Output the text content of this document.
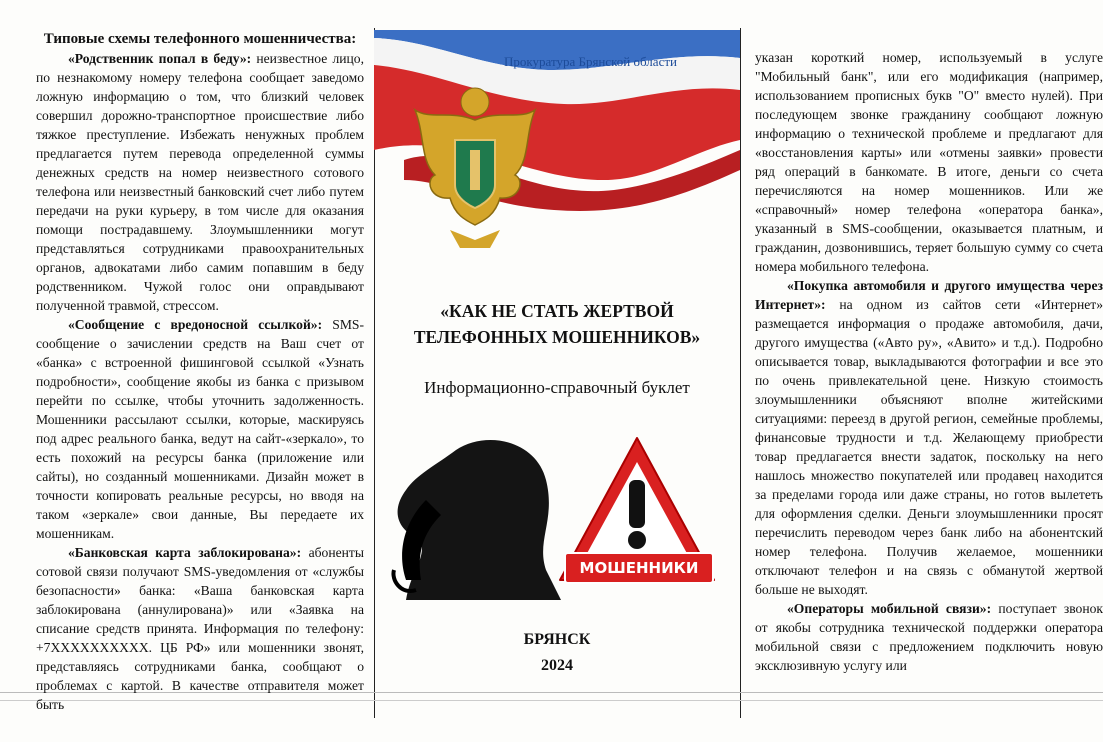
Типовые схемы телефонного мошенничества:

«Родственник попал в беду»: неизвестное лицо, по незнакомому номеру телефона сообщает заведомо ложную информацию о том, что близкий человек совершил дорожно-транспортное происшествие либо тяжкое преступление. Избежать ненужных проблем предлагается путем перевода определенной суммы денежных средств на номер неизвестного сотового телефона или неизвестный банковский счет либо путем передачи на руки курьеру, в том числе для оказания помощи пострадавшему. Злоумышленники могут представляться сотрудниками правоохранительных органов, адвокатами либо самим попавшим в беду родственником. Чужой голос они оправдывают полученной травмой, стрессом.

«Сообщение с вредоносной ссылкой»: SMS-сообщение о зачислении средств на Ваш счет от «банка» с встроенной фишинговой ссылкой «Узнать подробности», сообщение якобы из банка с призывом перейти по ссылке, чтобы уточнить задолженность. Мошенники рассылают ссылки, которые, маскируясь под адрес реального банка, ведут на сайт-«зеркало», то есть похожий на ресурсы банка (приложение или сайты), но созданный мошенниками. Дизайн может в точности копировать реальные ресурсы, но вводя на таком «зеркале» свои данные, Вы передаете их мошенникам.

«Банковская карта заблокирована»: абоненты сотовой связи получают SMS-уведомления от «службы безопасности» банка: «Ваша банковская карта заблокирована (аннулирована)» или «Заявка на списание средств принята. Информация по телефону: +7ХХХХХХХХХХ. ЦБ РФ» или мошенники звонят, представляясь сотрудниками банка, сообщают о проблемах с картой. В качестве отправителя может быть

Прокуратура Брянской области
«КАК НЕ СТАТЬ ЖЕРТВОЙ
ТЕЛЕФОННЫХ МОШЕННИКОВ»
Информационно-справочный буклет
МОШЕННИКИ
БРЯНСК
2024

указан короткий номер, используемый в услуге "Мобильный банк", или его модификация (например, использованием прописных букв "О" вместо нулей). При последующем звонке гражданину сообщают ложную информацию о технической проблеме и предлагают для «восстановления карты» или «отмены заявки» провести ряд операций в банкомате. В итоге, деньги со счета перечисляются на номер мошенников. Или же «справочный» номер телефона «оператора банка», указанный в SMS-сообщении, оказывается платным, и гражданин, дозвонившись, теряет большую сумму со счета номера мобильного телефона.

«Покупка автомобиля и другого имущества через Интернет»: на одном из сайтов сети «Интернет» размещается информация о продаже автомобиля, дачи, другого имущества («Авто ру», «Авито» и т.д.). Подробно описывается товар, выкладываются фотографии и все это по очень привлекательной цене. Низкую стоимость злоумышленники объясняют вполне житейскими ситуациями: переезд в другой регион, семейные проблемы, финансовые трудности и т.д. Желающему приобрести товар предлагается внести задаток, поскольку на него нашлось множество покупателей или продавец находится за пределами города или даже страны, но готов вылететь для оформления сделки. Деньги злоумышленники просят перечислить переводом через банк либо на абонентский номер телефона. Получив желаемое, мошенники отключают телефон и на связь с обманутой жертвой больше не выходят.

«Операторы мобильной связи»: поступает звонок от якобы сотрудника технической поддержки оператора мобильной связи с предложением подключить новую эксклюзивную услугу или
